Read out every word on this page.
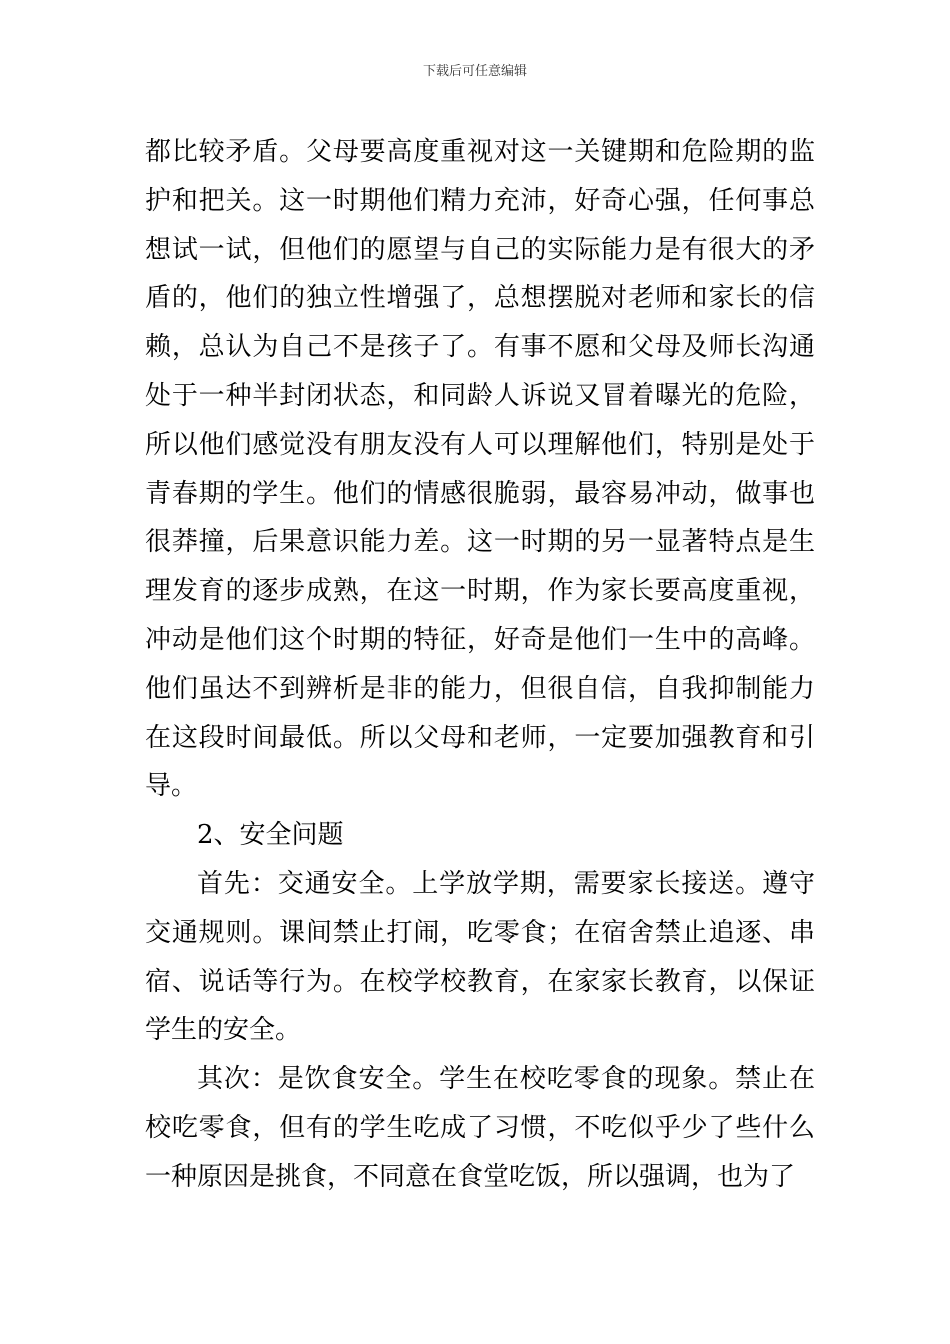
下载后可任意编辑

都比较矛盾。父母要高度重视对这一关键期和危险期的监护和把关。这一时期他们精力充沛，好奇心强，任何事总想试一试，但他们的愿望与自己的实际能力是有很大的矛盾的，他们的独立性增强了，总想摆脱对老师和家长的信赖，总认为自己不是孩子了。有事不愿和父母及师长沟通处于一种半封闭状态，和同龄人诉说又冒着曝光的危险，所以他们感觉没有朋友没有人可以理解他们，特别是处于青春期的学生。他们的情感很脆弱，最容易冲动，做事也很莽撞，后果意识能力差。这一时期的另一显著特点是生理发育的逐步成熟，在这一时期，作为家长要高度重视，冲动是他们这个时期的特征，好奇是他们一生中的高峰。他们虽达不到辨析是非的能力，但很自信，自我抑制能力在这段时间最低。所以父母和老师，一定要加强教育和引导。

2、安全问题

首先：交通安全。上学放学期，需要家长接送。遵守交通规则。课间禁止打闹，吃零食；在宿舍禁止追逐、串宿、说话等行为。在校学校教育，在家家长教育，以保证学生的安全。

其次：是饮食安全。学生在校吃零食的现象。禁止在校吃零食，但有的学生吃成了习惯，不吃似乎少了些什么一种原因是挑食，不同意在食堂吃饭，所以强调，也为了
